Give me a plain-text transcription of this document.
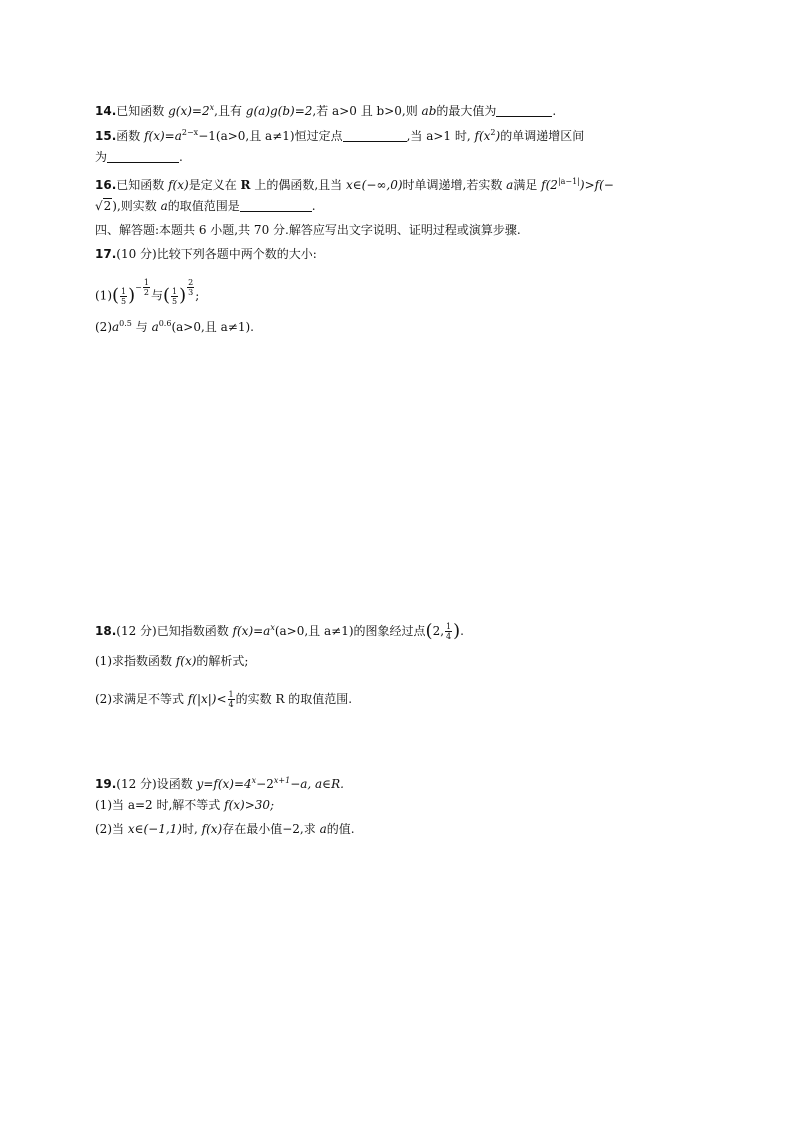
14.已知函数 $g(x)=2^x$,且有 g(a)g(b)=2,若 a>0 且 b>0,则 ab的最大值为	.
15.函数 $f(x)=a^{2-x}-1(a>0$,且 a≠1)恒过定点	,当 a>1 时, $f(x^2)$的单调递增区间
为	.
16.已知函数 f(x)是定义在 R 上的偶函数,且当 x∈(−∞,0)时单调递增,若实数 a满足 $f(2^{|a-1|})>f(-$
√2),则实数 a的取值范围是	.
四、解答题:本题共 6 小题,共 70 分.解答应写出文字说明、证明过程或演算步骤.
17.(10 分)比较下列各题中两个数的大小:
$(1)( \frac{1}{5} )^{- \frac{1}{2}}$ 与( $\frac{1}{5}$ ) $^{\frac{2}{3}}$ ;
$(2)a^{0.5}$ 与 $a^{0.6}(a>0$,且 a≠1).
18.(12 分)已知指数函数 $f(x)=a^x(a>0$,且 a≠1)的图象经过点(2, $\frac{1}{4}$ ).
(1)求指数函数 f(x)的解析式;
(2)求满足不等式 $f(|x|)< \frac{1}{4}$ 的实数 R 的取值范围.
19.(12 分)设函数 $y=f(x)=4^x-2^{x+1}-a$, a∈R.
(1)当 a=2 时,解不等式 f(x)>30;
(2)当 x∈(−1,1)时, f(x)存在最小值−2,求 a的值.
